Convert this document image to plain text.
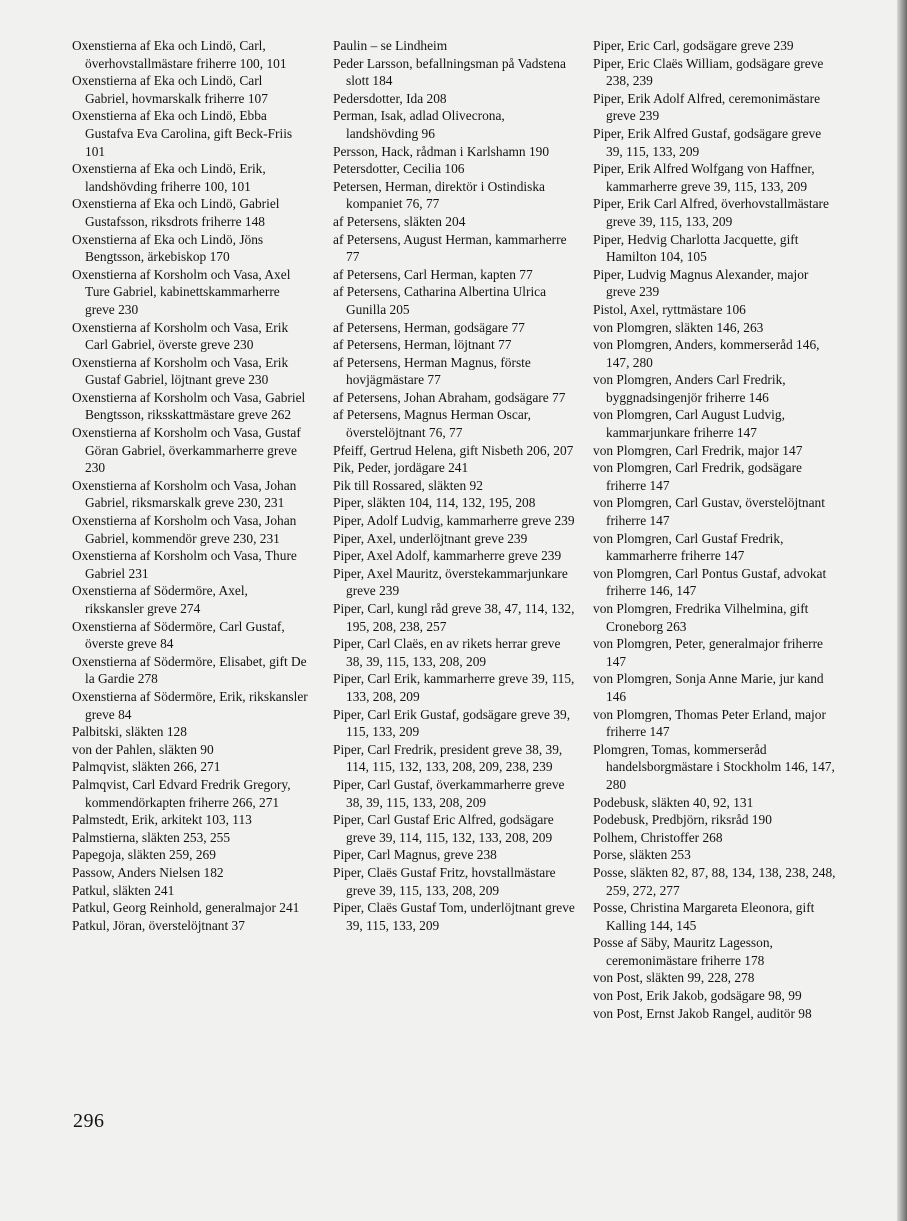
Oxenstierna af Eka och Lindö, Carl, överhovstallmästare friherre 100, 101
Oxenstierna af Eka och Lindö, Carl Gabriel, hovmarskalk friherre 107
Oxenstierna af Eka och Lindö, Ebba Gustafva Eva Carolina, gift Beck-Friis 101
Oxenstierna af Eka och Lindö, Erik, landshövding friherre 100, 101
Oxenstierna af Eka och Lindö, Gabriel Gustafsson, riksdrots friherre 148
Oxenstierna af Eka och Lindö, Jöns Bengtsson, ärkebiskop 170
Oxenstierna af Korsholm och Vasa, Axel Ture Gabriel, kabinettskammarherre greve 230
Oxenstierna af Korsholm och Vasa, Erik Carl Gabriel, överste greve 230
Oxenstierna af Korsholm och Vasa, Erik Gustaf Gabriel, löjtnant greve 230
Oxenstierna af Korsholm och Vasa, Gabriel Bengtsson, riksskattmästare greve 262
Oxenstierna af Korsholm och Vasa, Gustaf Göran Gabriel, överkammarherre greve 230
Oxenstierna af Korsholm och Vasa, Johan Gabriel, riksmarskalk greve 230, 231
Oxenstierna af Korsholm och Vasa, Johan Gabriel, kommendör greve 230, 231
Oxenstierna af Korsholm och Vasa, Thure Gabriel 231
Oxenstierna af Södermöre, Axel, rikskansler greve 274
Oxenstierna af Södermöre, Carl Gustaf, överste greve 84
Oxenstierna af Södermöre, Elisabet, gift De la Gardie 278
Oxenstierna af Södermöre, Erik, rikskansler greve 84
Palbitski, släkten 128
von der Pahlen, släkten 90
Palmqvist, släkten 266, 271
Palmqvist, Carl Edvard Fredrik Gregory, kommendörkapten friherre 266, 271
Palmstedt, Erik, arkitekt 103, 113
Palmstierna, släkten 253, 255
Papegoja, släkten 259, 269
Passow, Anders Nielsen 182
Patkul, släkten 241
Patkul, Georg Reinhold, generalmajor 241
Patkul, Jöran, överstelöjtnant 37
Paulin – se Lindheim
Peder Larsson, befallningsman på Vadstena slott 184
Pedersdotter, Ida 208
Perman, Isak, adlad Olivecrona, landshövding 96
Persson, Hack, rådman i Karlshamn 190
Petersdotter, Cecilia 106
Petersen, Herman, direktör i Ostindiska kompaniet 76, 77
af Petersens, släkten 204
af Petersens, August Herman, kammarherre 77
af Petersens, Carl Herman, kapten 77
af Petersens, Catharina Albertina Ulrica Gunilla 205
af Petersens, Herman, godsägare 77
af Petersens, Herman, löjtnant 77
af Petersens, Herman Magnus, förste hovjägmästare 77
af Petersens, Johan Abraham, godsägare 77
af Petersens, Magnus Herman Oscar, överstelöjtnant 76, 77
Pfeiff, Gertrud Helena, gift Nisbeth 206, 207
Pik, Peder, jordägare 241
Pik till Rossared, släkten 92
Piper, släkten 104, 114, 132, 195, 208
Piper, Adolf Ludvig, kammarherre greve 239
Piper, Axel, underlöjtnant greve 239
Piper, Axel Adolf, kammarherre greve 239
Piper, Axel Mauritz, överstekammarjunkare greve 239
Piper, Carl, kungl råd greve 38, 47, 114, 132, 195, 208, 238, 257
Piper, Carl Claës, en av rikets herrar greve 38, 39, 115, 133, 208, 209
Piper, Carl Erik, kammarherre greve 39, 115, 133, 208, 209
Piper, Carl Erik Gustaf, godsägare greve 39, 115, 133, 209
Piper, Carl Fredrik, president greve 38, 39, 114, 115, 132, 133, 208, 209, 238, 239
Piper, Carl Gustaf, överkammarherre greve 38, 39, 115, 133, 208, 209
Piper, Carl Gustaf Eric Alfred, godsägare greve 39, 114, 115, 132, 133, 208, 209
Piper, Carl Magnus, greve 238
Piper, Claës Gustaf Fritz, hovstallmästare greve 39, 115, 133, 208, 209
Piper, Claës Gustaf Tom, underlöjtnant greve 39, 115, 133, 209
Piper, Eric Carl, godsägare greve 239
Piper, Eric Claës William, godsägare greve 238, 239
Piper, Erik Adolf Alfred, ceremonimästare greve 239
Piper, Erik Alfred Gustaf, godsägare greve 39, 115, 133, 209
Piper, Erik Alfred Wolfgang von Haffner, kammarherre greve 39, 115, 133, 209
Piper, Erik Carl Alfred, överhovstallmästare greve 39, 115, 133, 209
Piper, Hedvig Charlotta Jacquette, gift Hamilton 104, 105
Piper, Ludvig Magnus Alexander, major greve 239
Pistol, Axel, ryttmästare 106
von Plomgren, släkten 146, 263
von Plomgren, Anders, kommerseråd 146, 147, 280
von Plomgren, Anders Carl Fredrik, byggnadsingenjör friherre 146
von Plomgren, Carl August Ludvig, kammarjunkare friherre 147
von Plomgren, Carl Fredrik, major 147
von Plomgren, Carl Fredrik, godsägare friherre 147
von Plomgren, Carl Gustav, överstelöjtnant friherre 147
von Plomgren, Carl Gustaf Fredrik, kammarherre friherre 147
von Plomgren, Carl Pontus Gustaf, advokat friherre 146, 147
von Plomgren, Fredrika Vilhelmina, gift Croneborg 263
von Plomgren, Peter, generalmajor friherre 147
von Plomgren, Sonja Anne Marie, jur kand 146
von Plomgren, Thomas Peter Erland, major friherre 147
Plomgren, Tomas, kommerseråd handelsborgmästare i Stockholm 146, 147, 280
Podebusk, släkten 40, 92, 131
Podebusk, Predbjörn, riksråd 190
Polhem, Christoffer 268
Porse, släkten 253
Posse, släkten 82, 87, 88, 134, 138, 238, 248, 259, 272, 277
Posse, Christina Margareta Eleonora, gift Kalling 144, 145
Posse af Säby, Mauritz Lagesson, ceremonimästare friherre 178
von Post, släkten 99, 228, 278
von Post, Erik Jakob, godsägare 98, 99
von Post, Ernst Jakob Rangel, auditör 98
296
